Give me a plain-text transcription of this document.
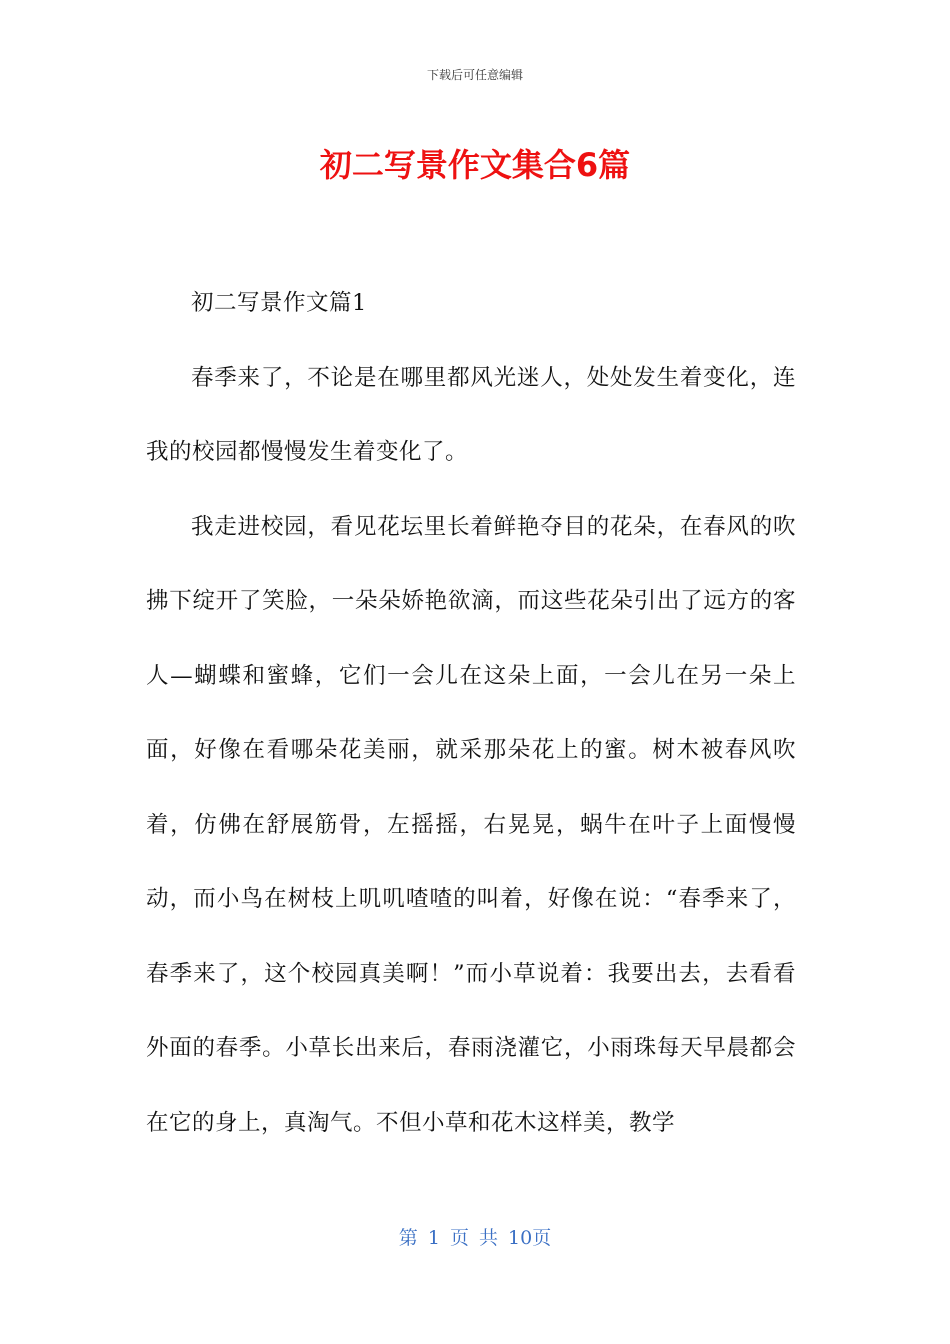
下载后可任意编辑
初二写景作文集合6篇

初二写景作文篇1

春季来了，不论是在哪里都风光迷人，处处发生着变化，连我的校园都慢慢发生着变化了。

我走进校园，看见花坛里长着鲜艳夺目的花朵，在春风的吹拂下绽开了笑脸，一朵朵娇艳欲滴，而这些花朵引出了远方的客人—蝴蝶和蜜蜂，它们一会儿在这朵上面，一会儿在另一朵上面，好像在看哪朵花美丽，就采那朵花上的蜜。树木被春风吹着，仿佛在舒展筋骨，左摇摇，右晃晃，蜗牛在叶子上面慢慢动，而小鸟在树枝上叽叽喳喳的叫着，好像在说：“春季来了，春季来了，这个校园真美啊！”而小草说着：我要出去，去看看外面的春季。小草长出来后，春雨浇灌它，小雨珠每天早晨都会在它的身上，真淘气。不但小草和花木这样美，教学

第 1 页 共 10页
